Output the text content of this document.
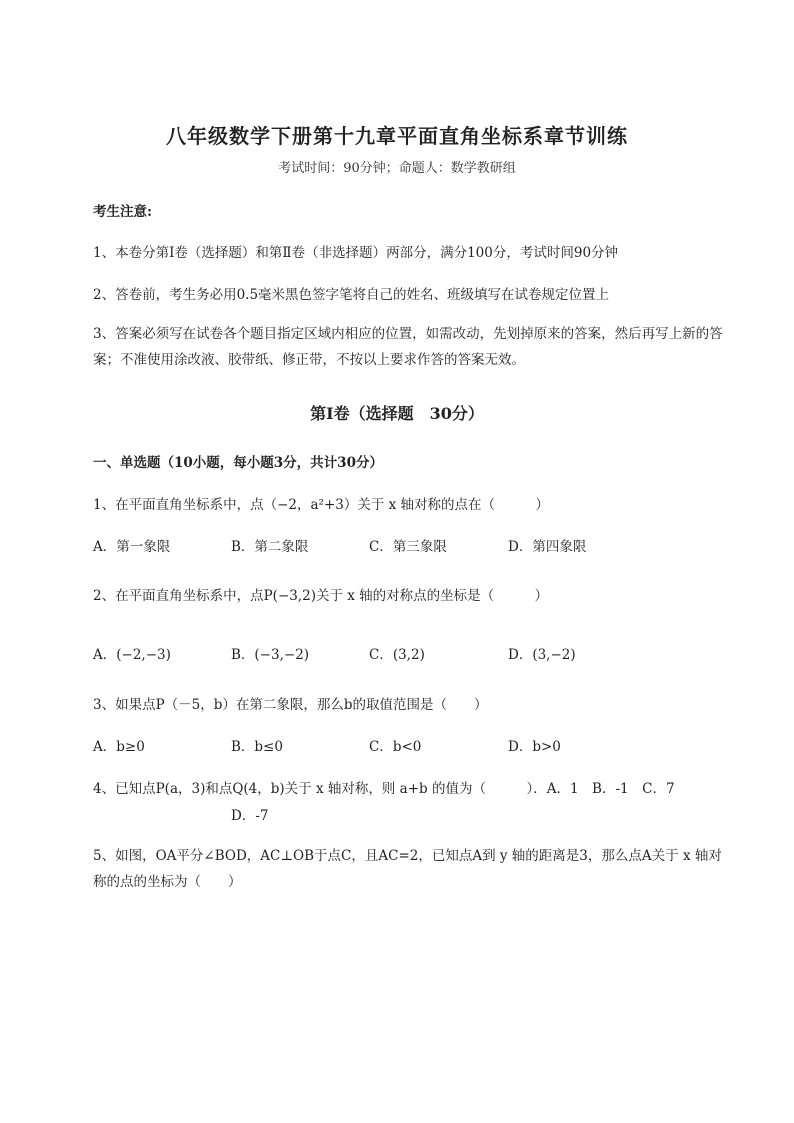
八年级数学下册第十九章平面直角坐标系章节训练
考试时间：90分钟；命题人：数学教研组
考生注意:
1、本卷分第Ⅰ卷（选择题）和第Ⅱ卷（非选择题）两部分，满分100分，考试时间90分钟
2、答卷前，考生务必用0.5毫米黑色签字笔将自己的姓名、班级填写在试卷规定位置上
3、答案必须写在试卷各个题目指定区域内相应的位置，如需改动，先划掉原来的答案，然后再写上新的答案；不准使用涂改液、胶带纸、修正带，不按以上要求作答的答案无效。
第Ⅰ卷（选择题　30分）
一、单选题（10小题，每小题3分，共计30分）
1、在平面直角坐标系中，点（−2，a²+3）关于 x 轴对称的点在（　　　）
A．第一象限	B．第二象限	C．第三象限	D．第四象限
2、在平面直角坐标系中，点P(−3,2)关于 x 轴的对称点的坐标是（　　　）
A．(−2,−3)	B．(−3,−2)	C．(3,2)	D．(3,−2)
3、如果点P（－5，b）在第二象限，那么b的取值范围是（　　）
A．b≥0	B．b≤0	C．b<0	D．b>0
4、已知点P(a，3)和点Q(4，b)关于 x 轴对称，则 a+b 的值为（　　　）．A．1　B．-1　C．7
D．-7
5、如图，OA平分∠BOD，AC⊥OB于点C，且AC=2，已知点A到 y 轴的距离是3，那么点A关于 x 轴对称的点的坐标为（　　）
